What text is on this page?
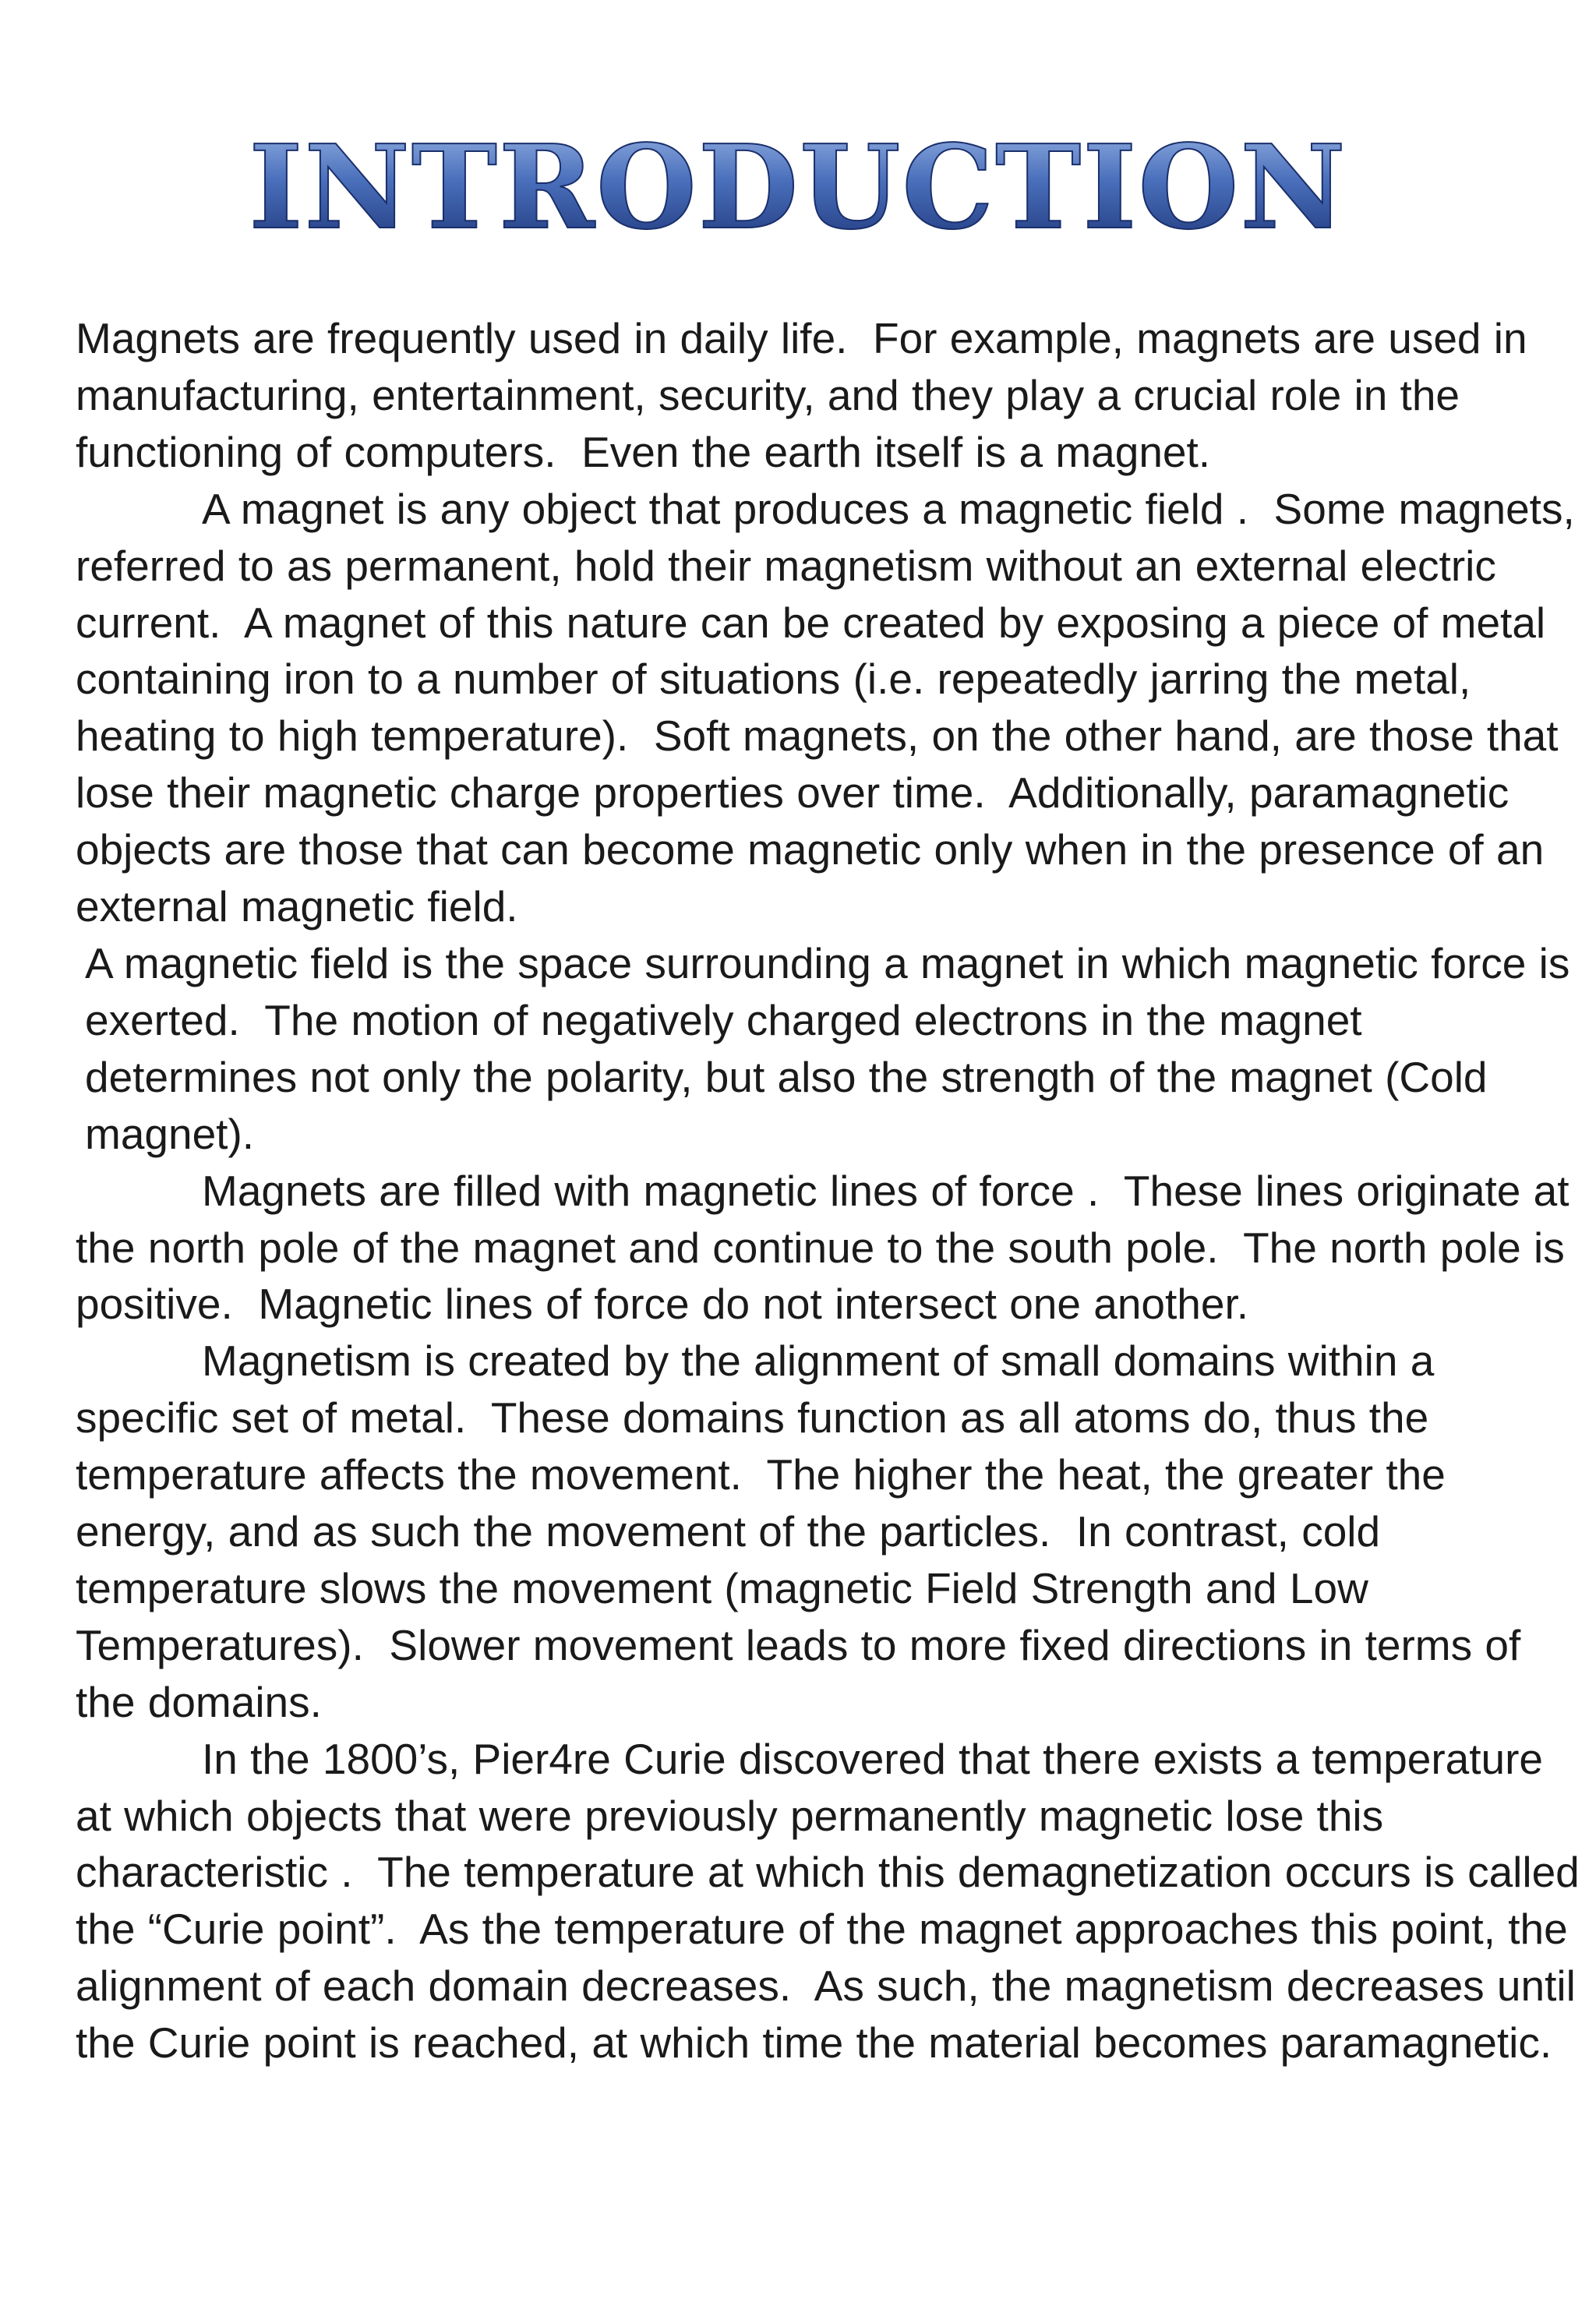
INTRODUCTION

Magnets are frequently used in daily life.  For example, magnets are used in manufacturing, entertainment, security, and they play a crucial role in the functioning of computers.  Even the earth itself is a magnet.

A magnet is any object that produces a magnetic field .  Some magnets, referred to as permanent, hold their magnetism without an external electric current.  A magnet of this nature can be created by exposing a piece of metal containing iron to a number of situations (i.e. repeatedly jarring the metal, heating to high temperature).  Soft magnets, on the other hand, are those that lose their magnetic charge properties over time.  Additionally, paramagnetic objects are those that can become magnetic only when in the presence of an external magnetic field.

A magnetic field is the space surrounding a magnet in which magnetic force is exerted.  The motion of negatively charged electrons in the magnet determines not only the polarity, but also the strength of the magnet (Cold magnet).

Magnets are filled with magnetic lines of force .  These lines originate at the north pole of the magnet and continue to the south pole.  The north pole is positive.  Magnetic lines of force do not intersect one another.

Magnetism is created by the alignment of small domains within a specific set of metal.  These domains function as all atoms do, thus the temperature affects the movement.  The higher the heat, the greater the energy, and as such the movement of the particles.  In contrast, cold temperature slows the movement (magnetic Field Strength and Low Temperatures).  Slower movement leads to more fixed directions in terms of the domains.

In the 1800’s, Pier4re Curie discovered that there exists a temperature at which objects that were previously permanently magnetic lose this characteristic .  The temperature at which this demagnetization occurs is called the “Curie point”.  As the temperature of the magnet approaches this point, the alignment of each domain decreases.  As such, the magnetism decreases until the Curie point is reached, at which time the material becomes paramagnetic.
